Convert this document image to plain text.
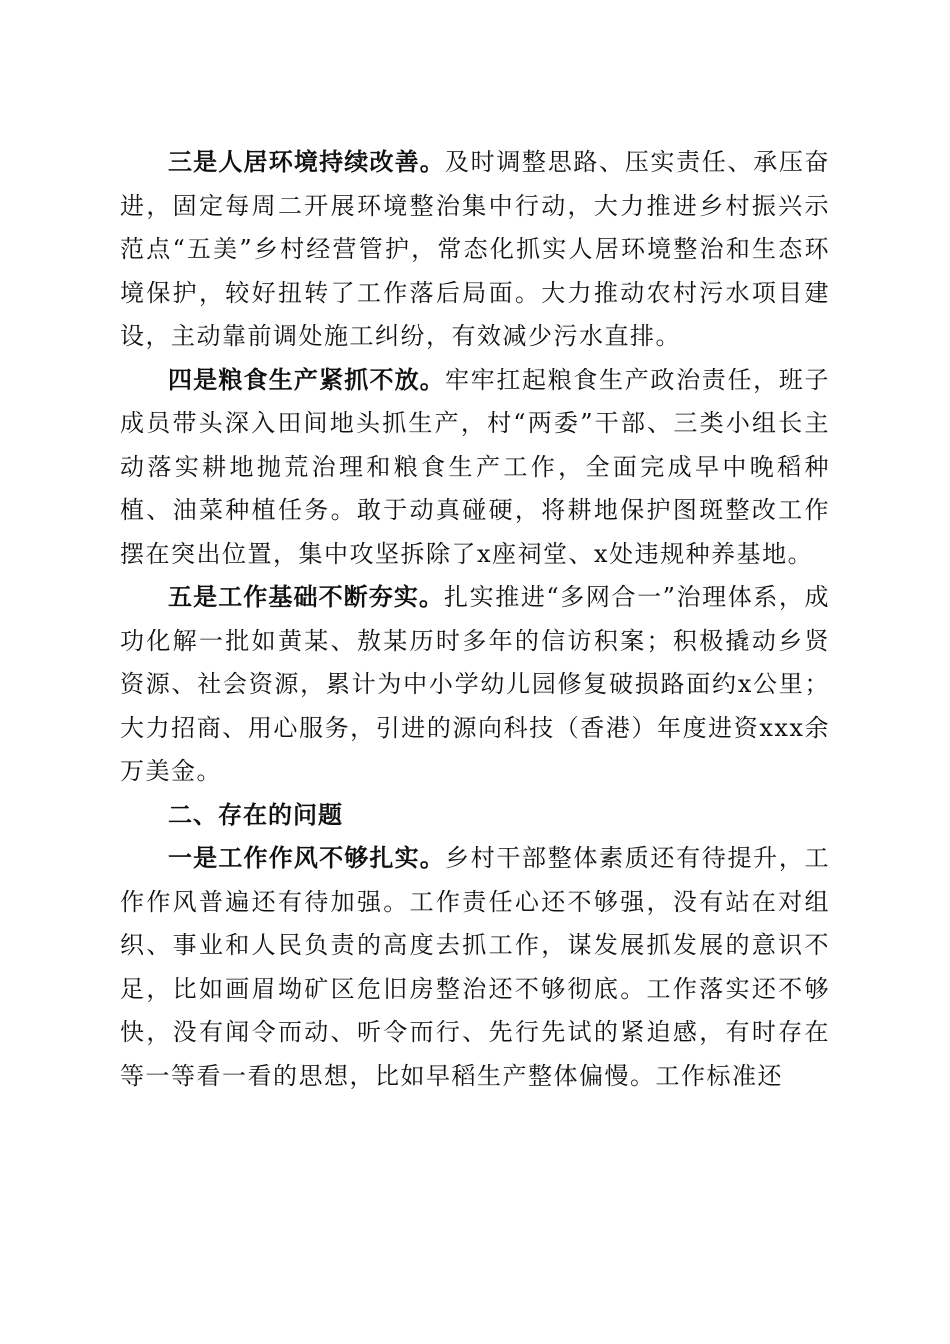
三是人居环境持续改善。及时调整思路、压实责任、承压奋进，固定每周二开展环境整治集中行动，大力推进乡村振兴示范点“五美”乡村经营管护，常态化抓实人居环境整治和生态环境保护，较好扭转了工作落后局面。大力推动农村污水项目建设，主动靠前调处施工纠纷，有效减少污水直排。

四是粮食生产紧抓不放。牢牢扛起粮食生产政治责任，班子成员带头深入田间地头抓生产，村“两委”干部、三类小组长主动落实耕地抛荒治理和粮食生产工作，全面完成早中晚稻种植、油菜种植任务。敢于动真碰硬，将耕地保护图斑整改工作摆在突出位置，集中攻坚拆除了x座祠堂、x处违规种养基地。

五是工作基础不断夯实。扎实推进“多网合一”治理体系，成功化解一批如黄某、敖某历时多年的信访积案；积极撬动乡贤资源、社会资源，累计为中小学幼儿园修复破损路面约x公里；大力招商、用心服务，引进的源向科技（香港）年度进资xxx余万美金。

二、存在的问题

一是工作作风不够扎实。乡村干部整体素质还有待提升，工作作风普遍还有待加强。工作责任心还不够强，没有站在对组织、事业和人民负责的高度去抓工作，谋发展抓发展的意识不足，比如画眉坳矿区危旧房整治还不够彻底。工作落实还不够快，没有闻令而动、听令而行、先行先试的紧迫感，有时存在等一等看一看的思想，比如早稻生产整体偏慢。工作标准还
